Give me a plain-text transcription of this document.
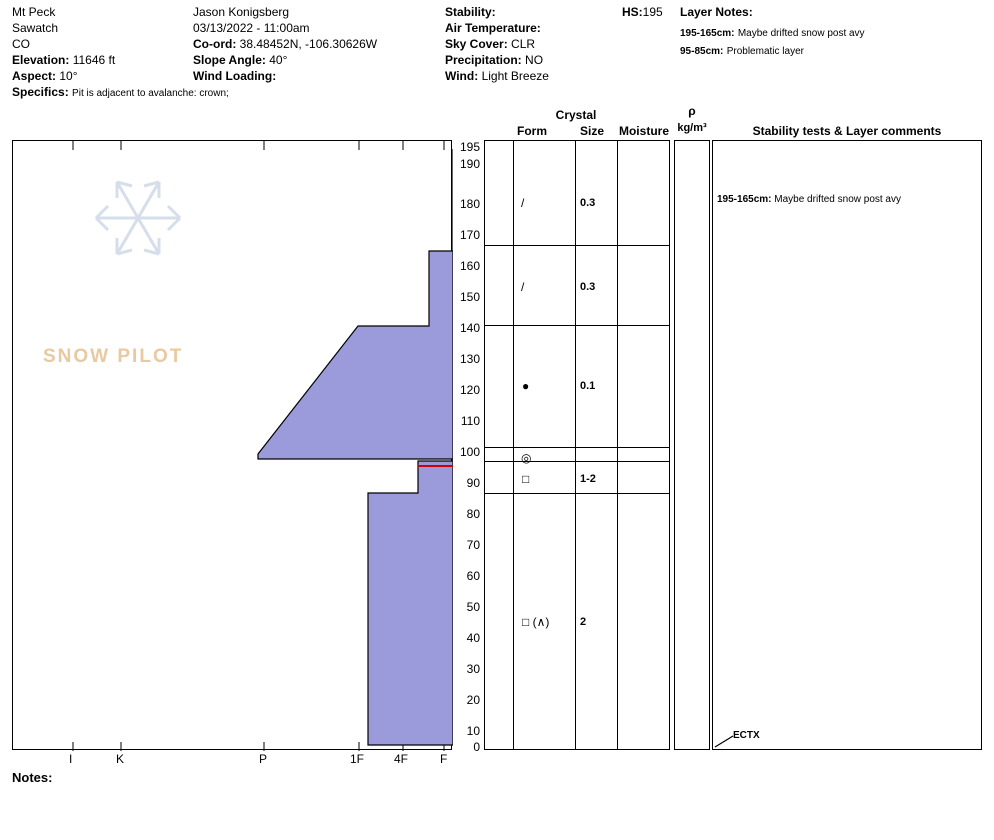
Mt Peck
Sawatch
CO
Elevation: 11646 ft
Aspect: 10°
Specifics: Pit is adjacent to avalanche: crown;
Jason Konigsberg
03/13/2022 - 11:00am
Co-ord: 38.48452N, -106.30626W
Slope Angle: 40°
Wind Loading:
Stability:
Air Temperature:
Sky Cover: CLR
Precipitation: NO
Wind: Light Breeze
HS:195 Layer Notes:
195-165cm: Maybe drifted snow post avy
95-85cm: Problematic layer
Crystal
Form	Size	Moisture
ρ
kg/m³	Stability tests & Layer comments
SNOW PILOT
I	K	P	1F 4F	F
195
190
180
170
160
150
140
130
120
110
100
90
80
70
60
50
40
30
20
10
0
/	0.3
/	0.3
●	0.1
◎
□	1-2
□ (∧)	2
195-165cm: Maybe drifted snow post avy
ECTX
Notes:
